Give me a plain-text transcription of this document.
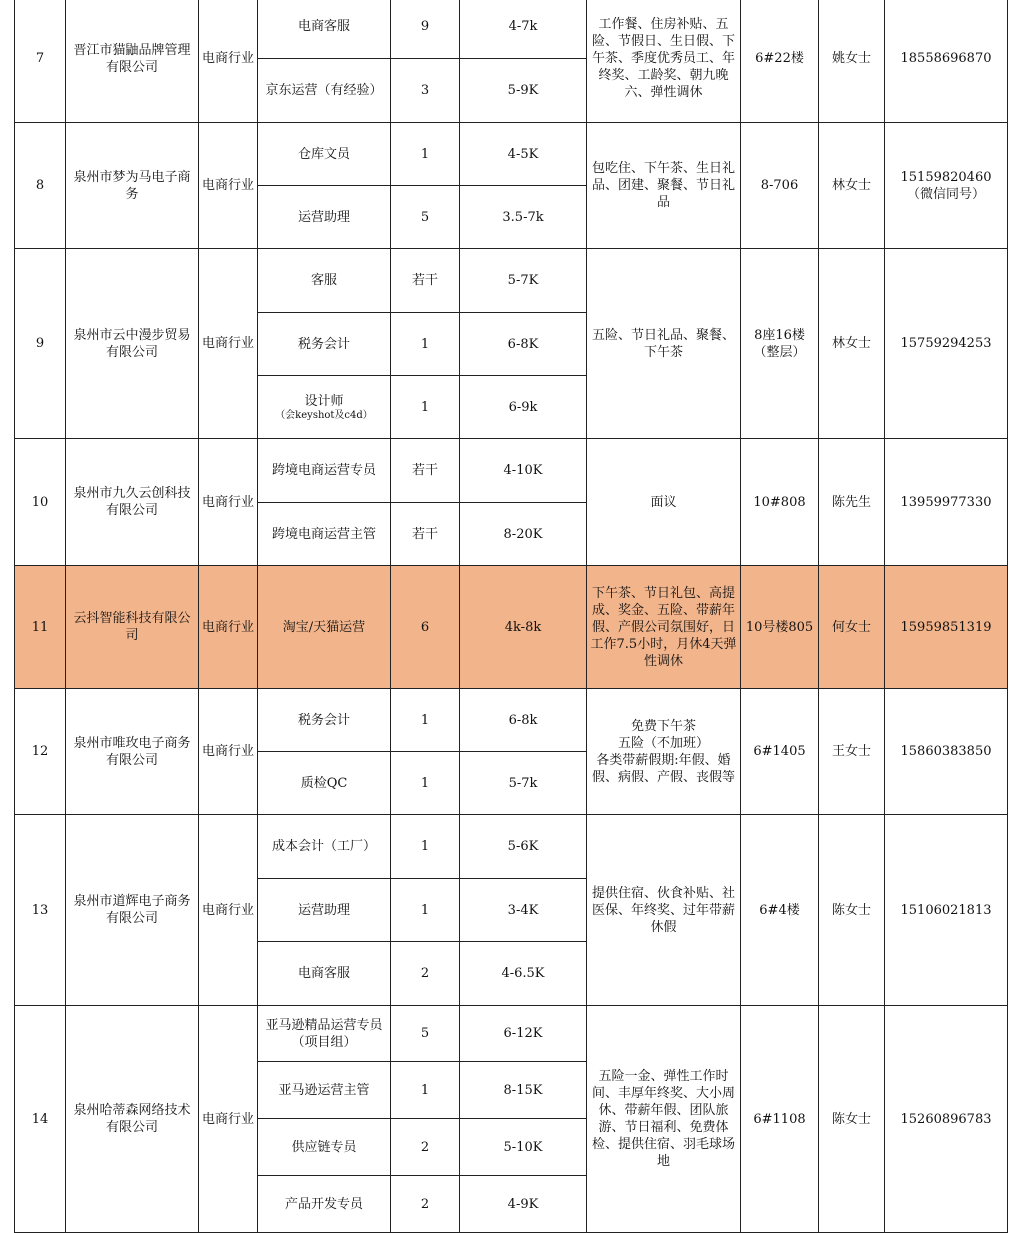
7	晋江市猫鼬品牌管理有限公司	电商行业	电商客服	9	4-7k	工作餐、住房补贴、五险、节假日、生日假、下午茶、季度优秀员工、年终奖、工龄奖、朝九晚六、弹性调休	6#22楼	姚女士	18558696870
			京东运营（有经验）	3	5-9K				
8	泉州市梦为马电子商务	电商行业	仓库文员	1	4-5K	包吃住、下午茶、生日礼品、团建、聚餐、节日礼品	8-706	林女士	15159820460（微信同号）
			运营助理	5	3.5-7k				
9	泉州市云中漫步贸易有限公司	电商行业	客服	若干	5-7K	五险、节日礼品、聚餐、下午茶	8座16楼（整层）	林女士	15759294253
			税务会计	1	6-8K				

			设计师
（会keyshot及c4d）	1	6-9k				
10	泉州市九久云创科技有限公司	电商行业	跨境电商运营专员	若干	4-10K	面议	10#808	陈先生	13959977330
			跨境电商运营主管	若干	8-20K				
11	云抖智能科技有限公司	电商行业	淘宝/天猫运营	6	4k-8k	下午茶、节日礼包、高提成、奖金、五险、带薪年假、产假公司氛围好，日工作7.5小时，月休4天弹性调休	10号楼805	何女士	15959851319
12	泉州市唯玫电子商务有限公司	电商行业	税务会计	1	6-8k	免费下午茶
五险（不加班）
各类带薪假期:年假、婚假、病假、产假、丧假等	6#1405	王女士	15860383850
			质检QC	1	5-7k				
13	泉州市道辉电子商务有限公司	电商行业	成本会计（工厂）	1	5-6K	提供住宿、伙食补贴、社医保、年终奖、过年带薪休假	6#4楼	陈女士	15106021813
			运营助理	1	3-4K				
			电商客服	2	4-6.5K				
14	泉州哈蒂森网络技术有限公司	电商行业	亚马逊精品运营专员（项目组）	5	6-12K	五险一金、弹性工作时间、丰厚年终奖、大小周休、带薪年假、团队旅游、节日福利、免费体检、提供住宿、羽毛球场地	6#1108	陈女士	15260896783
			亚马逊运营主管	1	8-15K				
			供应链专员	2	5-10K				
			产品开发专员	2	4-9K				
